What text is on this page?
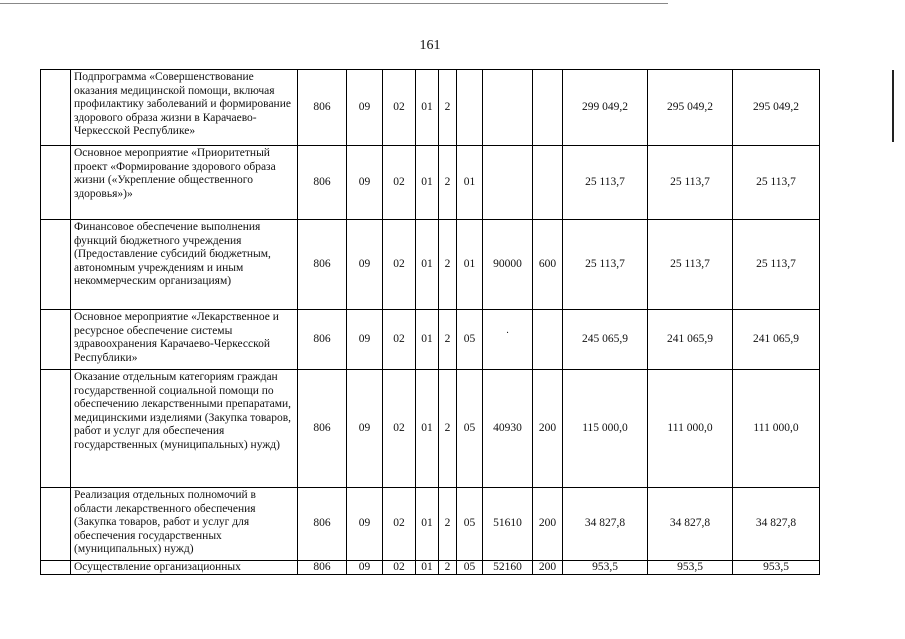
161
	Подпрограмма «Совершенствование оказания медицинской помощи, включая профилактику заболеваний и формирование здорового образа жизни в Карачаево-Черкесской Республике»	806	09	02	01	2				299 049,2	295 049,2	295 049,2
	Основное мероприятие «Приоритетный проект «Формирование здорового образа жизни («Укрепление общественного здоровья»)»	806	09	02	01	2	01			25 113,7	25 113,7	25 113,7
	Финансовое обеспечение выполнения функций бюджетного учреждения (Предоставление субсидий бюджетным, автономным учреждениям и иным некоммерческим организациям)	806	09	02	01	2	01	90000	600	25 113,7	25 113,7	25 113,7
	Основное мероприятие «Лекарственное и ресурсное обеспечение системы здравоохранения Карачаево-Черкесской Республики»	806	09	02	01	2	05	·		245 065,9	241 065,9	241 065,9
	Оказание отдельным категориям граждан государственной социальной помощи по обеспечению лекарственными препаратами, медицинскими изделиями (Закупка товаров, работ и услуг для обеспечения государственных (муниципальных) нужд)	806	09	02	01	2	05	40930	200	115 000,0	111 000,0	111 000,0
	Реализация отдельных полномочий в области лекарственного обеспечения (Закупка товаров, работ и услуг для обеспечения государственных (муниципальных) нужд)	806	09	02	01	2	05	51610	200	34 827,8	34 827,8	34 827,8
	Осуществление организационных	806	09	02	01	2	05	52160	200	953,5	953,5	953,5
